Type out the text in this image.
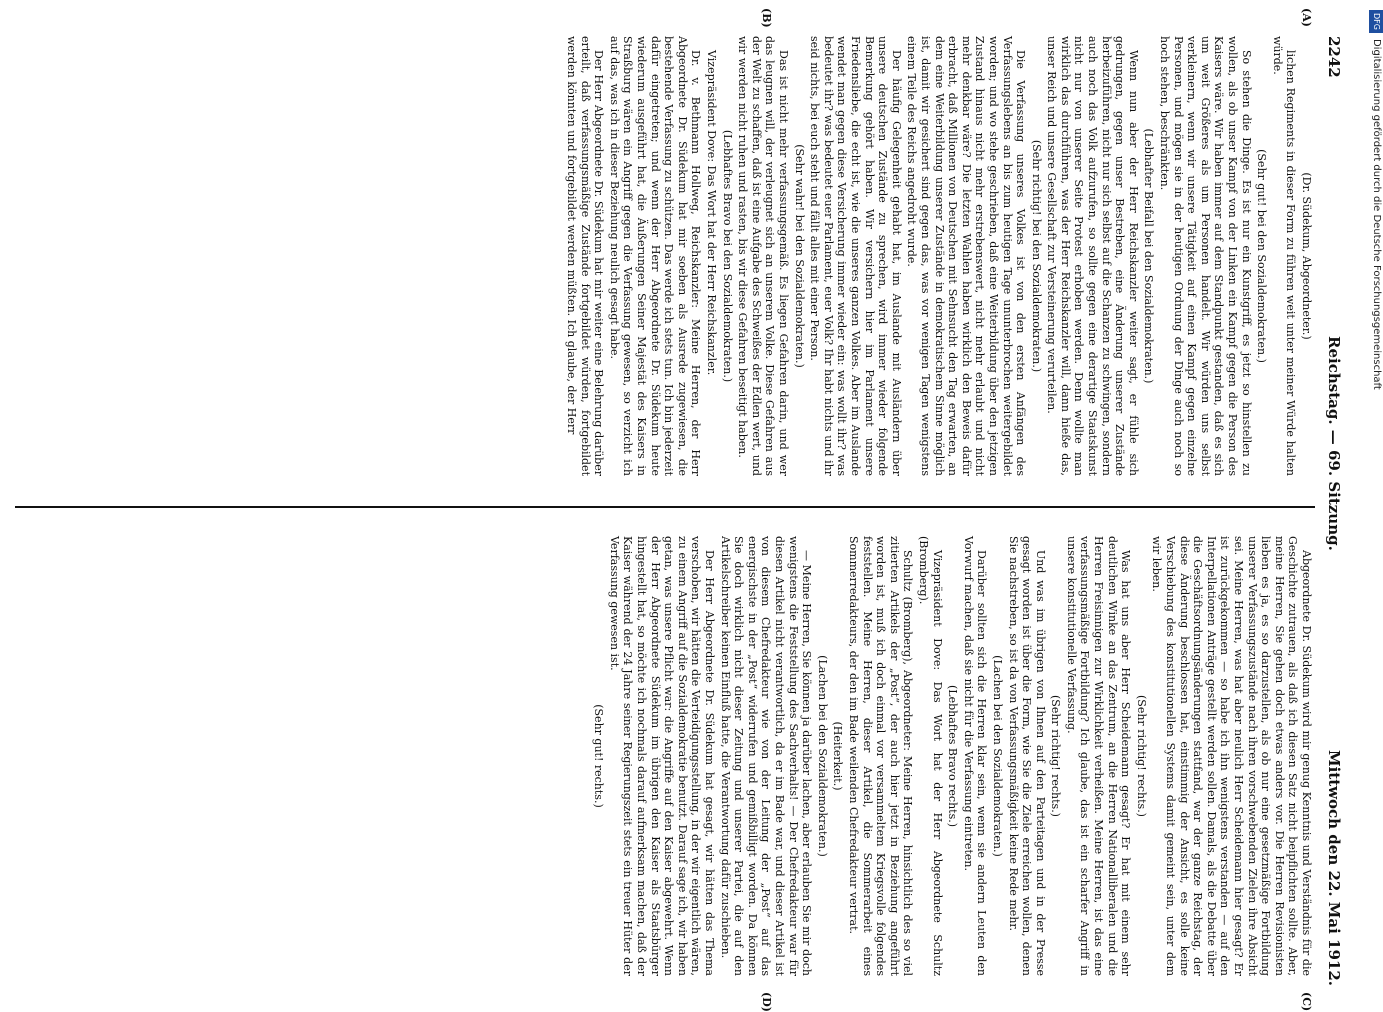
DFGDigitalisierung gefördert durch die Deutsche Forschungsgemeinschaft
2242
Reichstag. — 69. Sitzung.
Mittwoch den 22. Mai 1912.
(A)
(B)
(C)
(D)

(Dr. Südekum, Abgeordneter.)

lichen Regiments in dieser Form zu führen weit unter meiner Würde halten würde.

(Sehr gut! bei den Sozialdemokraten.)

So stehen die Dinge. Es ist nur ein Kunstgriff, es jetzt so hinstellen zu wollen, als ob unser Kampf von der Linken ein Kampf gegen die Person des Kaisers wäre. Wir haben immer auf dem Standpunkt gestanden, daß es sich um weit Größeres als um Personen handelt. Wir würden uns selbst verkleinern, wenn wir unsere Tätigkeit auf einen Kampf gegen einzelne Personen, und mögen sie in der heutigen Ordnung der Dinge auch noch so hoch stehen, beschränkten.

(Lebhafter Beifall bei den Sozialdemokraten.)

Wenn nun aber der Herr Reichskanzler weiter sagt, er fühle sich gedrungen, gegen unser Bestreben, eine Änderung unserer Zustände herbeizuführen, nicht nur sich selbst auf die Schanzen zu schwingen, sondern auch noch das Volk aufzurufen, so sollte gegen eine derartige Staatskunst nicht nur von unserer Seite Protest erhoben werden. Denn wollte man wirklich das durchführen, was der Herr Reichskanzler will, dann hieße das, unser Reich und unsere Gesellschaft zur Versteinerung verurteilen.

(Sehr richtig! bei den Sozialdemokraten.)

Die Verfassung unseres Volkes ist von den ersten Anfängen des Verfassungslebens an bis zum heutigen Tage ununterbrochen weitergebildet worden; und wo stehe geschrieben, daß eine Weiterbildung über den jetzigen Zustand hinaus nicht mehr erstrebenswert, nicht mehr erlaubt und nicht mehr denkbar wäre? Die letzten Wahlen haben wirklich den Beweis dafür erbracht, daß Millionen von Deutschen mit Sehnsucht den Tag erwarten, an dem eine Weiterbildung unserer Zustände in demokratischem Sinne möglich ist, damit wir gesichert sind gegen das, was vor wenigen Tagen wenigstens einem Teile des Reichs angedroht wurde.

Der häufig Gelegenheit gehabt hat, im Auslande mit Ausländern über unsere deutschen Zustände zu sprechen, wird immer wieder folgende Bemerkung gehört haben. Wir versichern hier im Parlament unsere Friedensliebe, die echt ist, wie die unseres ganzen Volkes. Aber im Auslande wendet man gegen diese Versicherung immer wieder ein: was wollt ihr? was bedeutet ihr? was bedeutet euer Parlament, euer Volk? Ihr habt nichts und ihr seid nichts, bei euch steht und fällt alles mit einer Person.

(Sehr wahr! bei den Sozialdemokraten.)

Das ist nicht mehr verfassungsgemäß. Es liegen Gefahren darin, und wer das leugnen will, der verleugnet sich an unserem Volke. Diese Gefahren aus der Welt zu schaffen, daß ist eine Aufgabe des Schweißes der Edlen wert, und wir werden nicht ruhen und rasten, bis wir diese Gefahren beseitigt haben.

(Lebhaftes Bravo bei den Sozialdemokraten.)

Vizepräsident Dove: Das Wort hat der Herr Reichskanzler.

Dr. v. Bethmann Hollweg, Reichskanzler: Meine Herren, der Herr Abgeordnete Dr. Südekum hat mir soeben als Ausrede zugewiesen, die bestehende Verfassung zu schützen. Das werde ich stets tun. Ich bin jederzeit dafür eingetreten; und wenn der Herr Abgeordnete Dr. Südekum heute wiederum ausgeführt hat, die Äußerungen Seiner Majestät des Kaisers in Straßburg wären ein Angriff gegen die Verfassung gewesen, so verzicht ich auf das, was ich in dieser Beziehung neulich gesagt habe.

Der Herr Abgeordnete Dr. Südekum hat mir weiter eine Belehrung darüber erteilt, daß verfassungsmäßige Zustände fortgebildet würden, fortgebildet werden könnten und fortgebildet werden müßten. Ich glaube, der Herr

Abgeordnete Dr. Südekum wird mir genug Kenntnis und Verständnis für die Geschichte zutrauen, als daß ich diesen Satz nicht beipflichten sollte. Aber, meine Herren, Sie gehen doch etwas anders vor. Die Herren Revisionisten lieben es ja, es so darzustellen, als ob nur eine gesetzmäßige Fortbildung unserer Verfassungszustände nach ihren vorschwebenden Zielen ihre Absicht sei. Meine Herren, was hat aber neulich Herr Scheidemann hier gesagt? Er ist zurückgekommen — so habe ich ihn wenigstens verstanden — auf den Interpellationen Anträge gestellt werden sollen. Damals, als die Debatte über die Geschäftsordnungsänderungen stattfand, war der ganze Reichstag, der diese Änderung beschlossen hat, einstimmig der Ansicht, es solle keine Verschiebung des konstitutionellen Systems damit gemeint sein, unter dem wir leben.

(Sehr richtig! rechts.)

Was hat uns aber Herr Scheidemann gesagt? Er hat mit einem sehr deutlichen Winke an das Zentrum, an die Herren Nationalliberalen und die Herren Freisinnigen zur Wirklichkeit verheißen. Meine Herren, ist das eine verfassungsmäßige Fortbildung? Ich glaube, das ist ein scharfer Angriff in unsere konstitutionelle Verfassung.

(Sehr richtig! rechts.)

Und was im übrigen von Ihnen auf den Parteitagen und in der Presse gesagt worden ist über die Form, wie Sie die Ziele erreichen wollen, denen Sie nachstreben, so ist da von Verfassungsmäßigkeit keine Rede mehr.

(Lachen bei den Sozialdemokraten.)

Darüber sollten sich die Herren klar sein, wenn sie andern Leuten den Vorwurf machen, daß sie nicht für die Verfassung eintreten.

(Lebhaftes Bravo rechts.)

Vizepräsident Dove: Das Wort hat der Herr Abgeordnete Schultz (Bromberg).

Schultz (Bromberg), Abgeordneter: Meine Herren, hinsichtlich des so viel zitierten Artikels der „Post“, der auch hier jetzt in Beziehung angeführt worden ist, muß ich doch einmal vor versammeltem Kriegsvolle folgendes feststellen. Meine Herren, dieser Artikel, die Sommerarbeit eines Sommerredakteurs, der den im Bade weilenden Chefredakteur vertrat.

(Heiterkeit.)

(Lachen bei den Sozialdemokraten.)

— Meine Herren, Sie können ja darüber lachen, aber erlauben Sie mir doch wenigstens die Feststellung des Sachverhalts! — Der Chefredakteur war für diesen Artikel nicht verantwortlich, da er im Bade war, und dieser Artikel ist von diesem Chefredakteur wie von der Leitung der „Post“ auf das energischste in der „Post“ widerrufen und gemißbilligt worden. Da können Sie doch wirklich nicht dieser Zeitung und unserer Partei, die auf den Artikelschreiber keinen Einfluß hatte, die Verantwortung dafür zuschieben.

Der Herr Abgeordnete Dr. Südekum hat gesagt, wir hätten das Thema verschoben, wir hätten die Verteidigungsstellung, in der wir eigentlich wären, zu einem Angriff auf die Sozialdemokratie benutzt. Darauf sage ich, wir haben getan, was unsere Pflicht war: die Angriffe auf den Kaiser abgewehrt. Wenn der Herr Abgeordnete Südekum im übrigen den Kaiser als Staatsbürger hingestellt hat, so möchte ich nochmals darauf aufmerksam machen, daß der Kaiser während der 24 Jahre seiner Regierungszeit stets ein treuer Hüter der Verfassung gewesen ist.

(Sehr gut! rechts.)
